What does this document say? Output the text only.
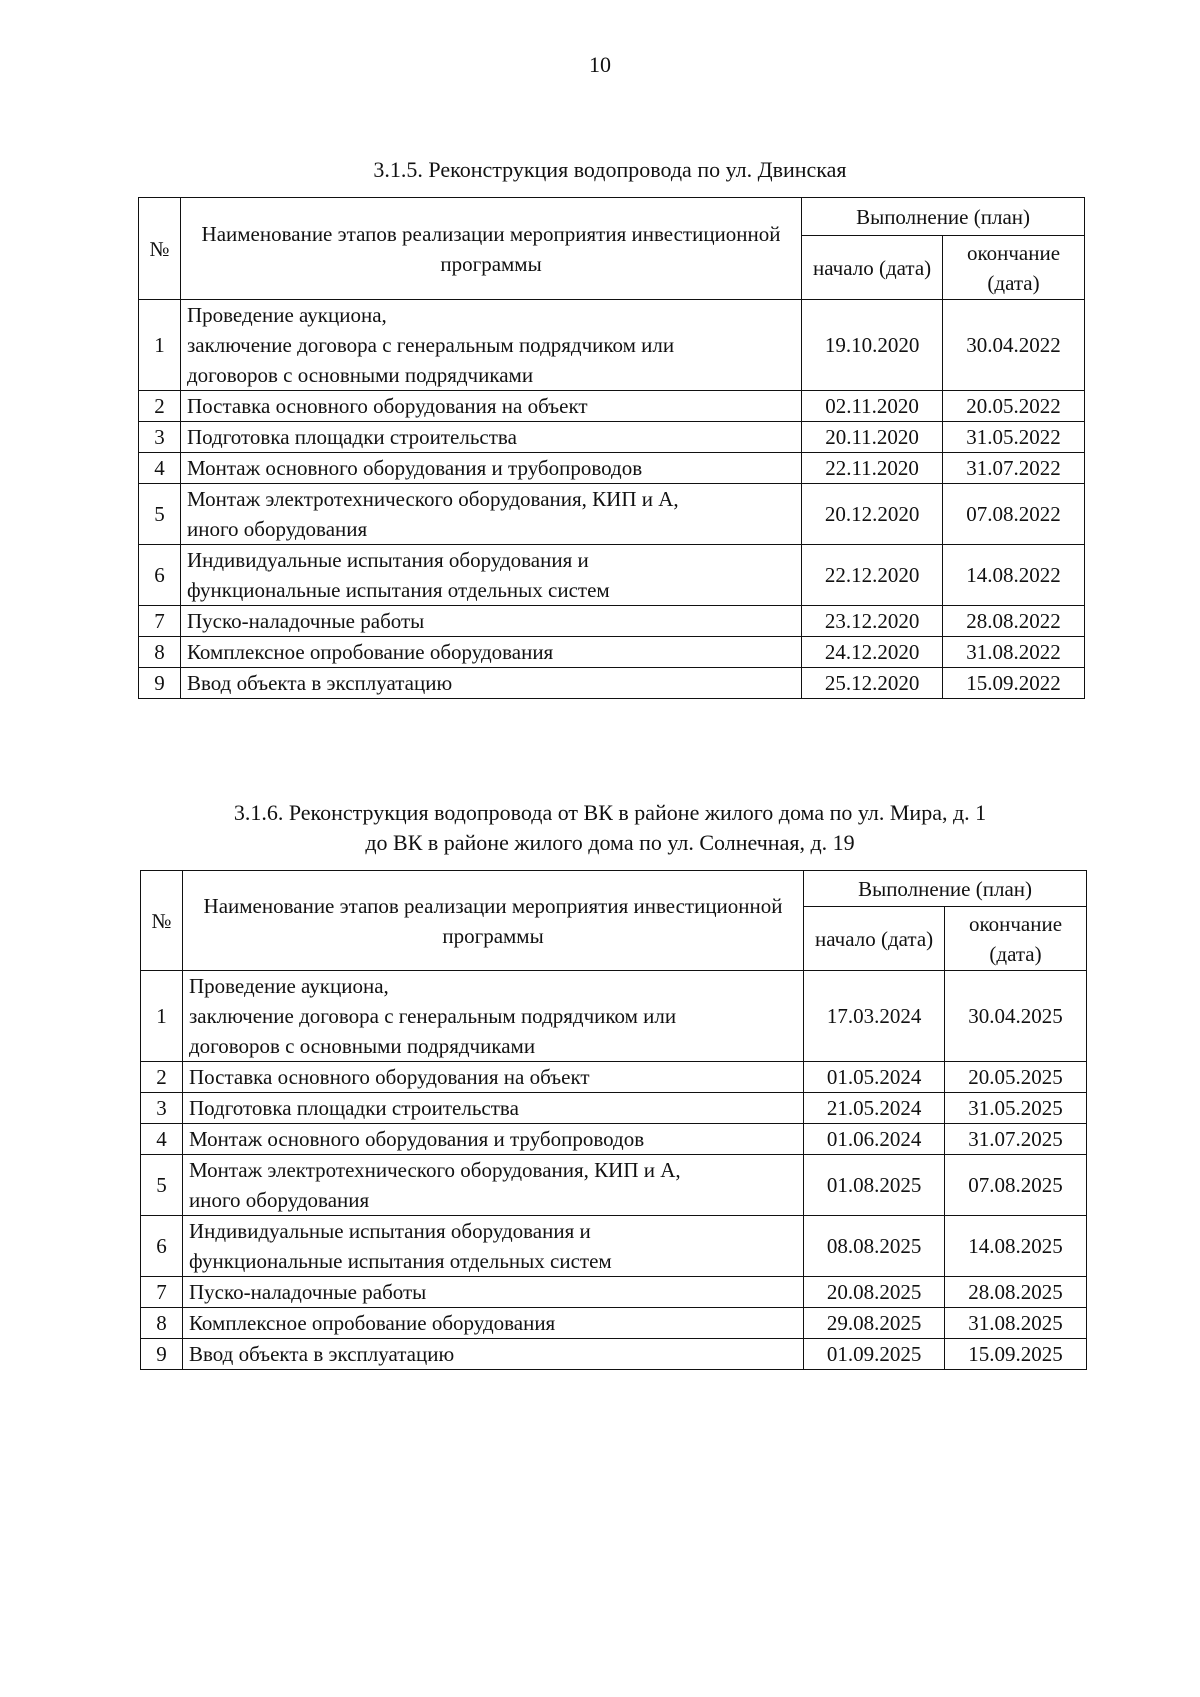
10
3.1.5. Реконструкция водопровода по ул. Двинская
№	Наименование этапов реализации мероприятия инвестиционной программы	Выполнение (план)	
		начало (дата)	окончание (дата)
1	Проведение аукциона,
заключение договора с генеральным подрядчиком или
договоров с основными подрядчиками	19.10.2020	30.04.2022
2	Поставка основного оборудования на объект	02.11.2020	20.05.2022
3	Подготовка площадки строительства	20.11.2020	31.05.2022
4	Монтаж основного оборудования и трубопроводов	22.11.2020	31.07.2022
5	Монтаж электротехнического оборудования, КИП и А,
иного оборудования	20.12.2020	07.08.2022
6	Индивидуальные испытания оборудования и
функциональные испытания отдельных систем	22.12.2020	14.08.2022
7	Пуско-наладочные работы	23.12.2020	28.08.2022
8	Комплексное опробование оборудования	24.12.2020	31.08.2022
9	Ввод объекта в эксплуатацию	25.12.2020	15.09.2022
3.1.6. Реконструкция водопровода от ВК в районе жилого дома по ул. Мира, д. 1
до ВК в районе жилого дома по ул. Солнечная, д. 19
№	Наименование этапов реализации мероприятия инвестиционной программы	Выполнение (план)	
		начало (дата)	окончание (дата)
1	Проведение аукциона,
заключение договора с генеральным подрядчиком или
договоров с основными подрядчиками	17.03.2024	30.04.2025
2	Поставка основного оборудования на объект	01.05.2024	20.05.2025
3	Подготовка площадки строительства	21.05.2024	31.05.2025
4	Монтаж основного оборудования и трубопроводов	01.06.2024	31.07.2025
5	Монтаж электротехнического оборудования, КИП и А,
иного оборудования	01.08.2025	07.08.2025
6	Индивидуальные испытания оборудования и
функциональные испытания отдельных систем	08.08.2025	14.08.2025
7	Пуско-наладочные работы	20.08.2025	28.08.2025
8	Комплексное опробование оборудования	29.08.2025	31.08.2025
9	Ввод объекта в эксплуатацию	01.09.2025	15.09.2025
